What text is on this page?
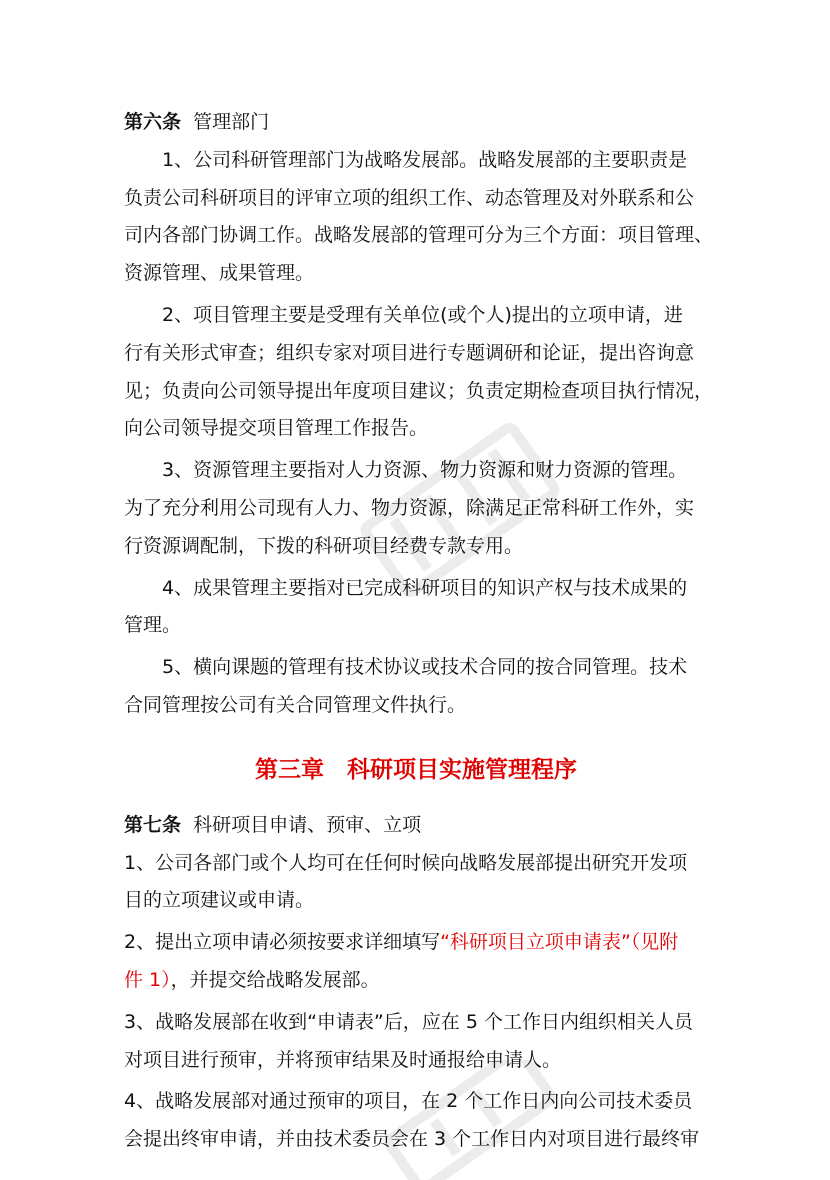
第六条 管理部门
1、公司科研管理部门为战略发展部。战略发展部的主要职责是
负责公司科研项目的评审立项的组织工作、动态管理及对外联系和公
司内各部门协调工作。战略发展部的管理可分为三个方面：项目管理、
资源管理、成果管理。
2、项目管理主要是受理有关单位(或个人)提出的立项申请，进
行有关形式审查；组织专家对项目进行专题调研和论证，提出咨询意
见；负责向公司领导提出年度项目建议；负责定期检查项目执行情况，
向公司领导提交项目管理工作报告。
3、资源管理主要指对人力资源、物力资源和财力资源的管理。
为了充分利用公司现有人力、物力资源，除满足正常科研工作外，实
行资源调配制，下拨的科研项目经费专款专用。
4、成果管理主要指对已完成科研项目的知识产权与技术成果的
管理。
5、横向课题的管理有技术协议或技术合同的按合同管理。技术
合同管理按公司有关合同管理文件执行。
第三章　科研项目实施管理程序
第七条 科研项目申请、预审、立项
1、公司各部门或个人均可在任何时候向战略发展部提出研究开发项
目的立项建议或申请。
2、提出立项申请必须按要求详细填写“科研项目立项申请表”（见附
件 1），并提交给战略发展部。
3、战略发展部在收到“申请表”后，应在 5 个工作日内组织相关人员
对项目进行预审，并将预审结果及时通报给申请人。
4、战略发展部对通过预审的项目，在 2 个工作日内向公司技术委员
会提出终审申请，并由技术委员会在 3 个工作日内对项目进行最终审
